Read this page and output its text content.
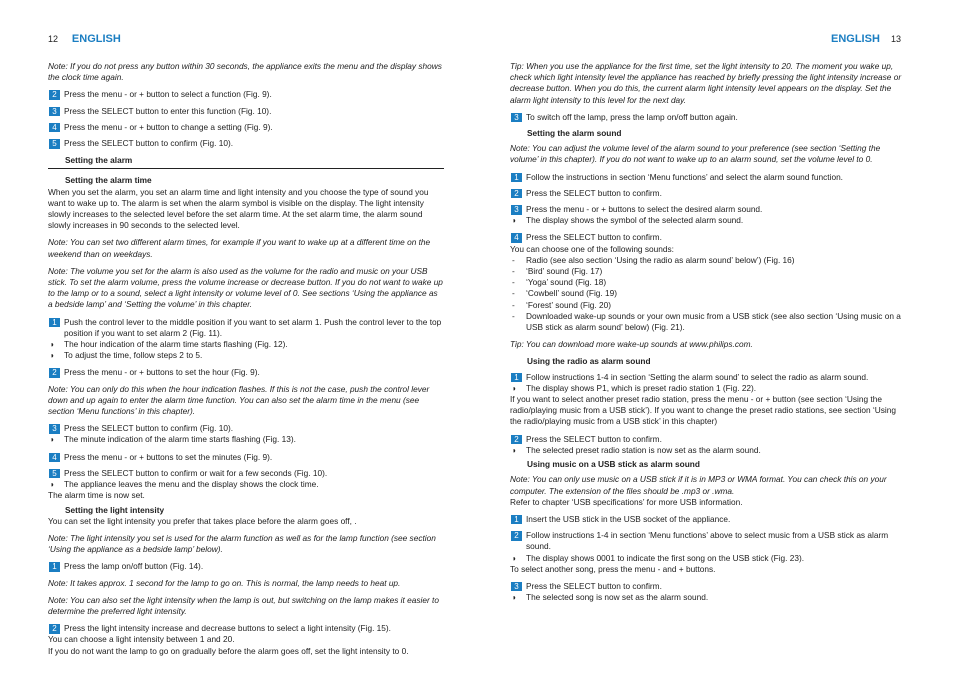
12 ENGLISH	ENGLISH 13

Note: If you do not press any button within 30 seconds, the appliance exits the menu and the display shows the clock time again.

2 Press the menu - or + button to select a function (Fig. 9).
3 Press the SELECT button to enter this function (Fig. 10).
4 Press the menu - or + button to change a setting (Fig. 9).
5 Press the SELECT button to confirm (Fig. 10).

Setting the alarm

Setting the alarm time

When you set the alarm, you set an alarm time and light intensity and you choose the type of sound you want to wake up to. The alarm is set when the alarm symbol is visible on the display. The light intensity slowly increases to the selected level before the set alarm time. At the set alarm time, the alarm sound slowly increases in 90 seconds to the selected level.

Note: You can set two different alarm times, for example if you want to wake up at a different time on the weekend than on weekdays.

Note: The volume you set for the alarm is also used as the volume for the radio and music on your USB stick. To set the alarm volume, press the volume increase or decrease button. If you do not want to wake up to the lamp or to a sound, select a light intensity or volume level of 0. See sections ‘Using the appliance as a bedside lamp’ and ‘Setting the volume’ in this chapter.

1 Push the control lever to the middle position if you want to set alarm 1. Push the control lever to the top position if you want to set alarm 2 (Fig. 11).
◗ The hour indication of the alarm time starts flashing (Fig. 12).
◗ To adjust the time, follow steps 2 to 5.
2 Press the menu - or + buttons to set the hour (Fig. 9).

Note: You can only do this when the hour indication flashes. If this is not the case, push the control lever down and up again to enter the alarm time function. You can also set the alarm time in the menu (see section ‘Menu functions’ in this chapter).

3 Press the SELECT button to confirm (Fig. 10).
◗ The minute indication of the alarm time starts flashing (Fig. 13).
4 Press the menu - or + buttons to set the minutes (Fig. 9).
5 Press the SELECT button to confirm or wait for a few seconds (Fig. 10).
◗ The appliance leaves the menu and the display shows the clock time.

The alarm time is now set.

Setting the light intensity

You can set the light intensity you prefer that takes place before the alarm goes off, .

Note: The light intensity you set is used for the alarm function as well as for the lamp function (see section ‘Using the appliance as a bedside lamp’ below).

1 Press the lamp on/off button (Fig. 14).

Note: It takes approx. 1 second for the lamp to go on. This is normal, the lamp needs to heat up.

Note: You can also set the light intensity when the lamp is out, but switching on the lamp makes it easier to determine the preferred light intensity.

2 Press the light intensity increase and decrease buttons to select a light intensity (Fig. 15).

You can choose a light intensity between 1 and 20.

If you do not want the lamp to go on gradually before the alarm goes off, set the light intensity to 0.

Tip: When you use the appliance for the first time, set the light intensity to 20. The moment you wake up, check which light intensity level the appliance has reached by briefly pressing the light intensity increase or decrease button. When you do this, the current alarm light intensity level appears on the display. Set the alarm light intensity to this level for the next day.

3 To switch off the lamp, press the lamp on/off button again.

Setting the alarm sound

Note: You can adjust the volume level of the alarm sound to your preference (see section ‘Setting the volume’ in this chapter). If you do not want to wake up to an alarm sound, set the volume level to 0.

1 Follow the instructions in section ‘Menu functions’ and select the alarm sound function.
2 Press the SELECT button to confirm.
3 Press the menu - or + buttons to select the desired alarm sound.
◗ The display shows the symbol of the selected alarm sound.
4 Press the SELECT button to confirm.

You can choose one of the following sounds:

- Radio (see also section ‘Using the radio as alarm sound’ below’) (Fig. 16)
- ‘Bird’ sound (Fig. 17)
- ‘Yoga’ sound (Fig. 18)
- ‘Cowbell’ sound (Fig. 19)
- ‘Forest’ sound (Fig. 20)
- Downloaded wake-up sounds or your own music from a USB stick (see also section ‘Using music on a USB stick as alarm sound’ below) (Fig. 21).

Tip: You can download more wake-up sounds at www.philips.com.

Using the radio as alarm sound

1 Follow instructions 1-4 in section ‘Setting the alarm sound’ to select the radio as alarm sound.
◗ The display shows P1, which is preset radio station 1 (Fig. 22).

If you want to select another preset radio station, press the menu - or + button (see section ‘Using the radio/playing music from a USB stick’). If you want to change the preset radio stations, see section ‘Using the radio/playing music from a USB stick’ in this chapter)

2 Press the SELECT button to confirm.
◗ The selected preset radio station is now set as the alarm sound.

Using music on a USB stick as alarm sound

Note: You can only use music on a USB stick if it is in MP3 or WMA format. You can check this on your computer. The extension of the files should be .mp3 or .wma.

Refer to chapter ‘USB specifications’ for more USB information.

1 Insert the USB stick in the USB socket of the appliance.
2 Follow instructions 1-4 in section ‘Menu functions’ above to select music from a USB stick as alarm sound.
◗ The display shows 0001 to indicate the first song on the USB stick (Fig. 23).

To select another song, press the menu - and + buttons.

3 Press the SELECT button to confirm.
◗ The selected song is now set as the alarm sound.
